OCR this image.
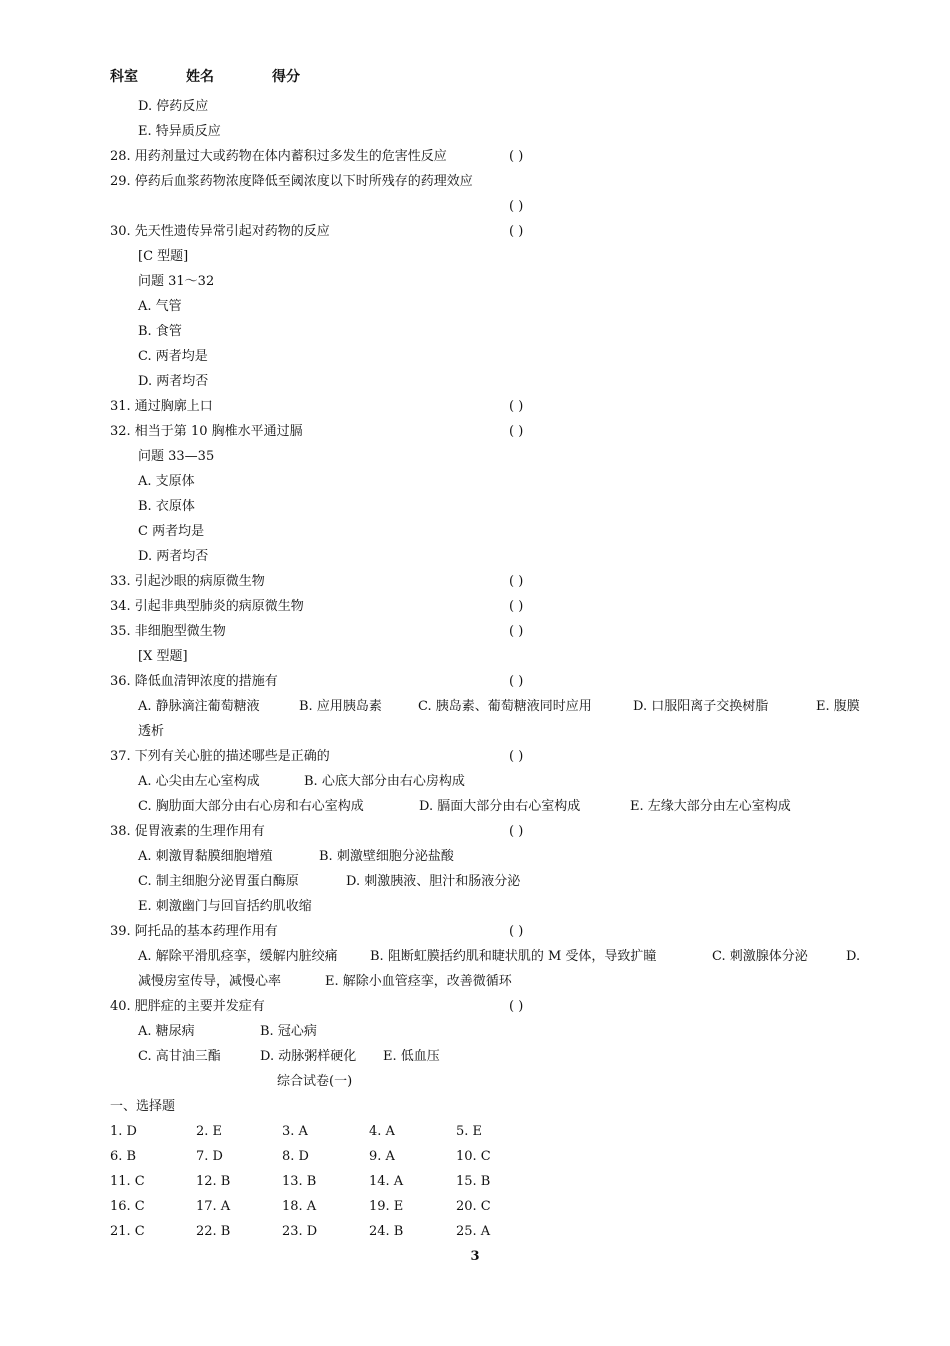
科室	姓名	得分
D. 停药反应
E. 特异质反应
28. 用药剂量过大或药物在体内蓄积过多发生的危害性反应	( )
29. 停药后血浆药物浓度降低至阈浓度以下时所残存的药理效应
( )
30. 先天性遗传异常引起对药物的反应	( )
[C 型题]
问题 31～32
A. 气管
B. 食管
C. 两者均是
D. 两者均否
31. 通过胸廓上口	( )
32. 相当于第 10 胸椎水平通过膈	( )
问题 33—35
A. 支原体
B. 衣原体
C 两者均是
D. 两者均否
33. 引起沙眼的病原微生物	( )
34. 引起非典型肺炎的病原微生物	( )
35. 非细胞型微生物	( )
[X 型题]
36. 降低血清钾浓度的措施有	( )
A. 静脉滴注葡萄糖液	B. 应用胰岛素	C. 胰岛素、葡萄糖液同时应用	D. 口服阳离子交换树脂	E. 腹膜
透析
37. 下列有关心脏的描述哪些是正确的	( )
A. 心尖由左心室构成	B. 心底大部分由右心房构成
C. 胸肋面大部分由右心房和右心室构成	D. 膈面大部分由右心室构成	E. 左缘大部分由左心室构成
38. 促胃液素的生理作用有	( )
A. 刺激胃黏膜细胞增殖	B. 刺激壁细胞分泌盐酸
C. 制主细胞分泌胃蛋白酶原	D. 刺激胰液、胆汁和肠液分泌
E. 刺激幽门与回盲括约肌收缩
39. 阿托品的基本药理作用有	( )
A. 解除平滑肌痉挛，缓解内脏绞痛 B. 阻断虹膜括约肌和睫状肌的 M 受体，导致扩瞳	C. 刺激腺体分泌	D.
减慢房室传导，减慢心率	E. 解除小血管痉挛，改善微循环
40. 肥胖症的主要并发症有	( )
A. 糖尿病	B. 冠心病
C. 高甘油三酯	D. 动脉粥样硬化 E. 低血压
综合试卷(一)
一、选择题
1. D	2. E	3. A	4. A	5. E
6. B	7. D	8. D	9. A	10. C
11. C	12. B	13. B	14. A	15. B
16. C	17. A	18. A	19. E	20. C
21. C	22. B	23. D	24. B	25. A
3
